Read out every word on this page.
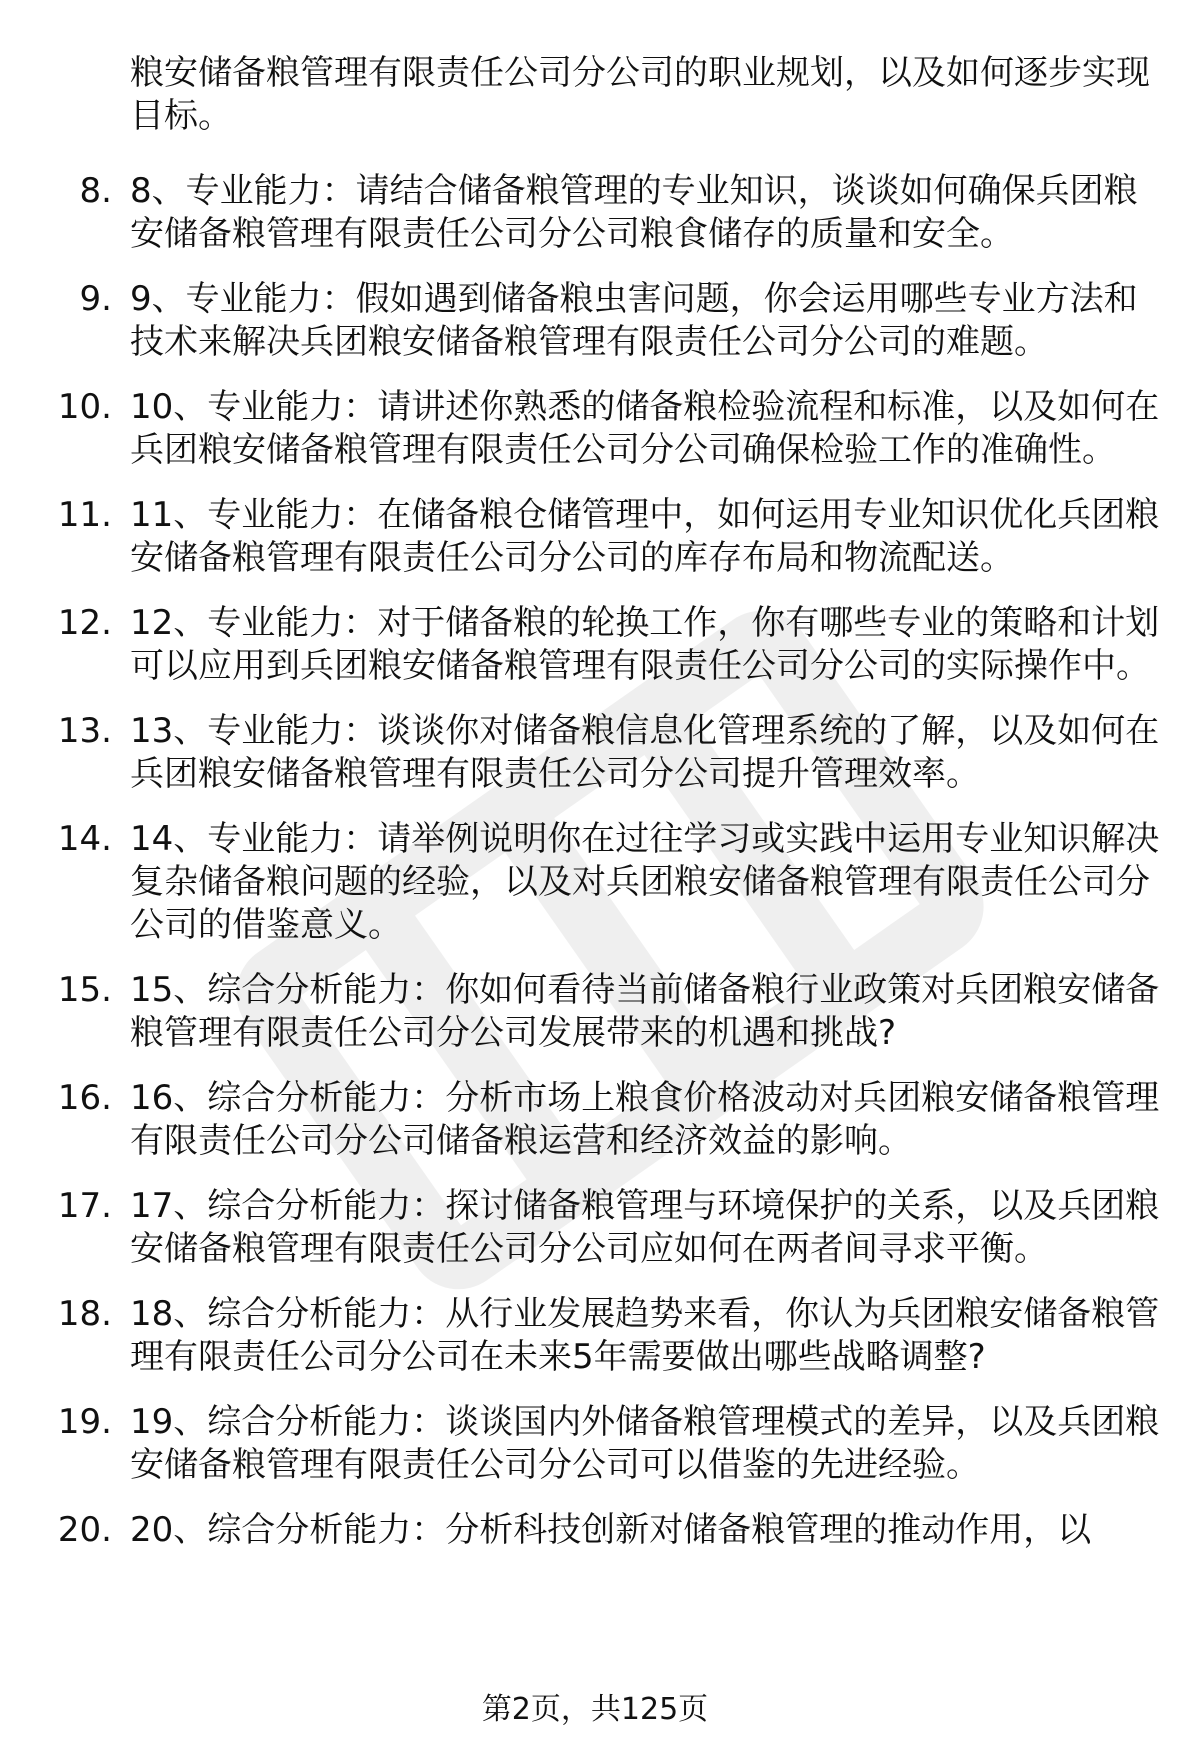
粮安储备粮管理有限责任公司分公司的职业规划，以及如何逐步实现目标。

8. 8、专业能力：请结合储备粮管理的专业知识，谈谈如何确保兵团粮安储备粮管理有限责任公司分公司粮食储存的质量和安全。
9. 9、专业能力：假如遇到储备粮虫害问题，你会运用哪些专业方法和技术来解决兵团粮安储备粮管理有限责任公司分公司的难题。
10. 10、专业能力：请讲述你熟悉的储备粮检验流程和标准，以及如何在兵团粮安储备粮管理有限责任公司分公司确保检验工作的准确性。
11. 11、专业能力：在储备粮仓储管理中，如何运用专业知识优化兵团粮安储备粮管理有限责任公司分公司的库存布局和物流配送。
12. 12、专业能力：对于储备粮的轮换工作，你有哪些专业的策略和计划可以应用到兵团粮安储备粮管理有限责任公司分公司的实际操作中。
13. 13、专业能力：谈谈你对储备粮信息化管理系统的了解，以及如何在兵团粮安储备粮管理有限责任公司分公司提升管理效率。
14. 14、专业能力：请举例说明你在过往学习或实践中运用专业知识解决复杂储备粮问题的经验，以及对兵团粮安储备粮管理有限责任公司分公司的借鉴意义。
15. 15、综合分析能力：你如何看待当前储备粮行业政策对兵团粮安储备粮管理有限责任公司分公司发展带来的机遇和挑战?
16. 16、综合分析能力：分析市场上粮食价格波动对兵团粮安储备粮管理有限责任公司分公司储备粮运营和经济效益的影响。
17. 17、综合分析能力：探讨储备粮管理与环境保护的关系，以及兵团粮安储备粮管理有限责任公司分公司应如何在两者间寻求平衡。
18. 18、综合分析能力：从行业发展趋势来看，你认为兵团粮安储备粮管理有限责任公司分公司在未来5年需要做出哪些战略调整?
19. 19、综合分析能力：谈谈国内外储备粮管理模式的差异，以及兵团粮安储备粮管理有限责任公司分公司可以借鉴的先进经验。
20. 20、综合分析能力：分析科技创新对储备粮管理的推动作用，以
第2页，共125页
